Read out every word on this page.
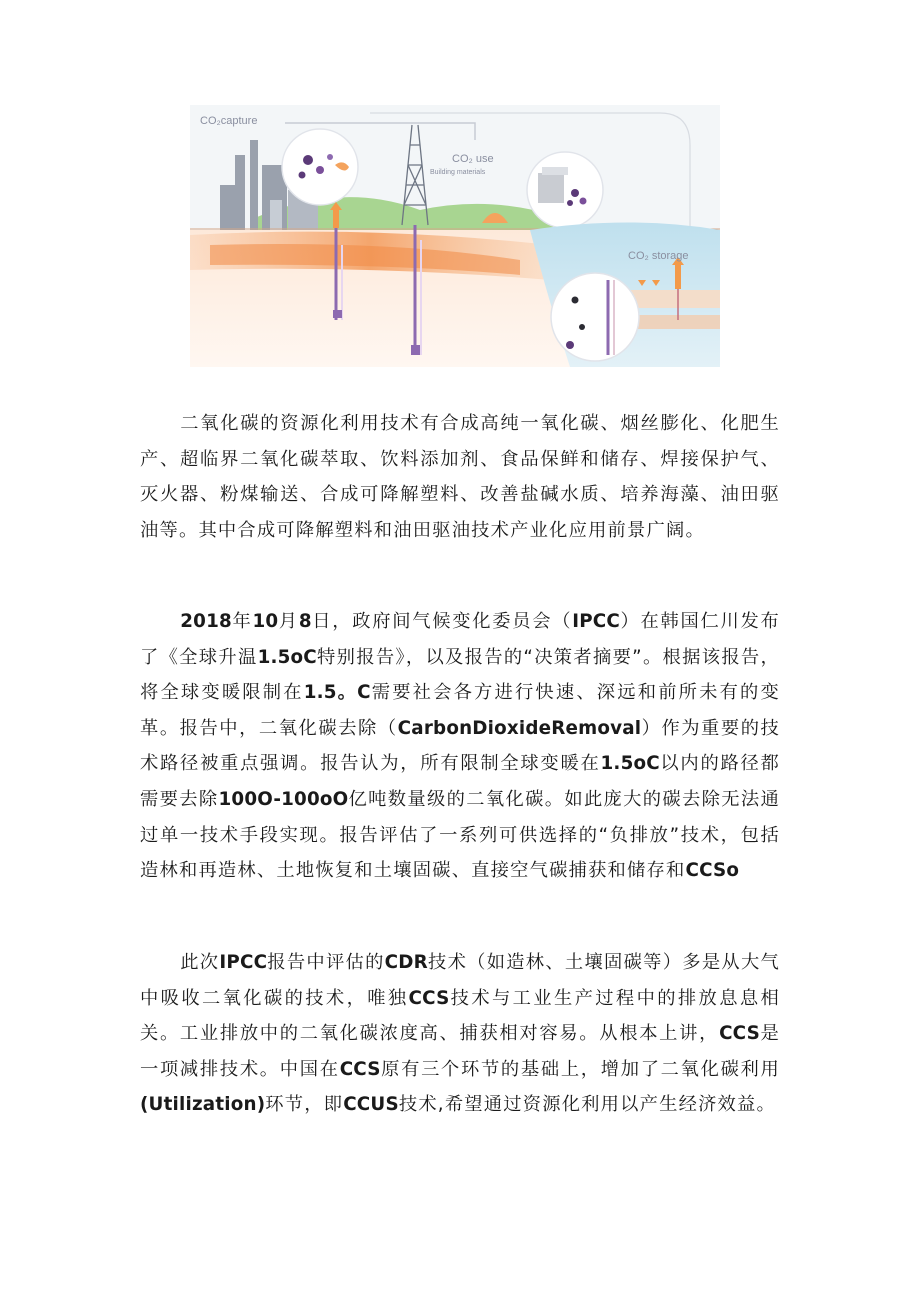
CO₂capture
CO₂ use
Building materials
CO₂ storage

二氧化碳的资源化利用技术有合成高纯一氧化碳、烟丝膨化、化肥生产、超临界二氧化碳萃取、饮料添加剂、食品保鲜和储存、焊接保护气、灭火器、粉煤输送、合成可降解塑料、改善盐碱水质、培养海藻、油田驱油等。其中合成可降解塑料和油田驱油技术产业化应用前景广阔。

2018年10月8日，政府间气候变化委员会（IPCC）在韩国仁川发布了《全球升温1.5oC特别报告》，以及报告的“决策者摘要”。根据该报告，将全球变暖限制在1.5。C需要社会各方进行快速、深远和前所未有的变革。报告中，二氧化碳去除（CarbonDioxideRemoval）作为重要的技术路径被重点强调。报告认为，所有限制全球变暖在1.5oC以内的路径都需要去除100O-100oO亿吨数量级的二氧化碳。如此庞大的碳去除无法通过单一技术手段实现。报告评估了一系列可供选择的“负排放”技术，包括造林和再造林、土地恢复和土壤固碳、直接空气碳捕获和储存和CCSo

此次IPCC报告中评估的CDR技术（如造林、土壤固碳等）多是从大气中吸收二氧化碳的技术，唯独CCS技术与工业生产过程中的排放息息相关。工业排放中的二氧化碳浓度高、捕获相对容易。从根本上讲，CCS是一项减排技术。中国在CCS原有三个环节的基础上，增加了二氧化碳利用(Utilization)环节，即CCUS技术,希望通过资源化利用以产生经济效益。
